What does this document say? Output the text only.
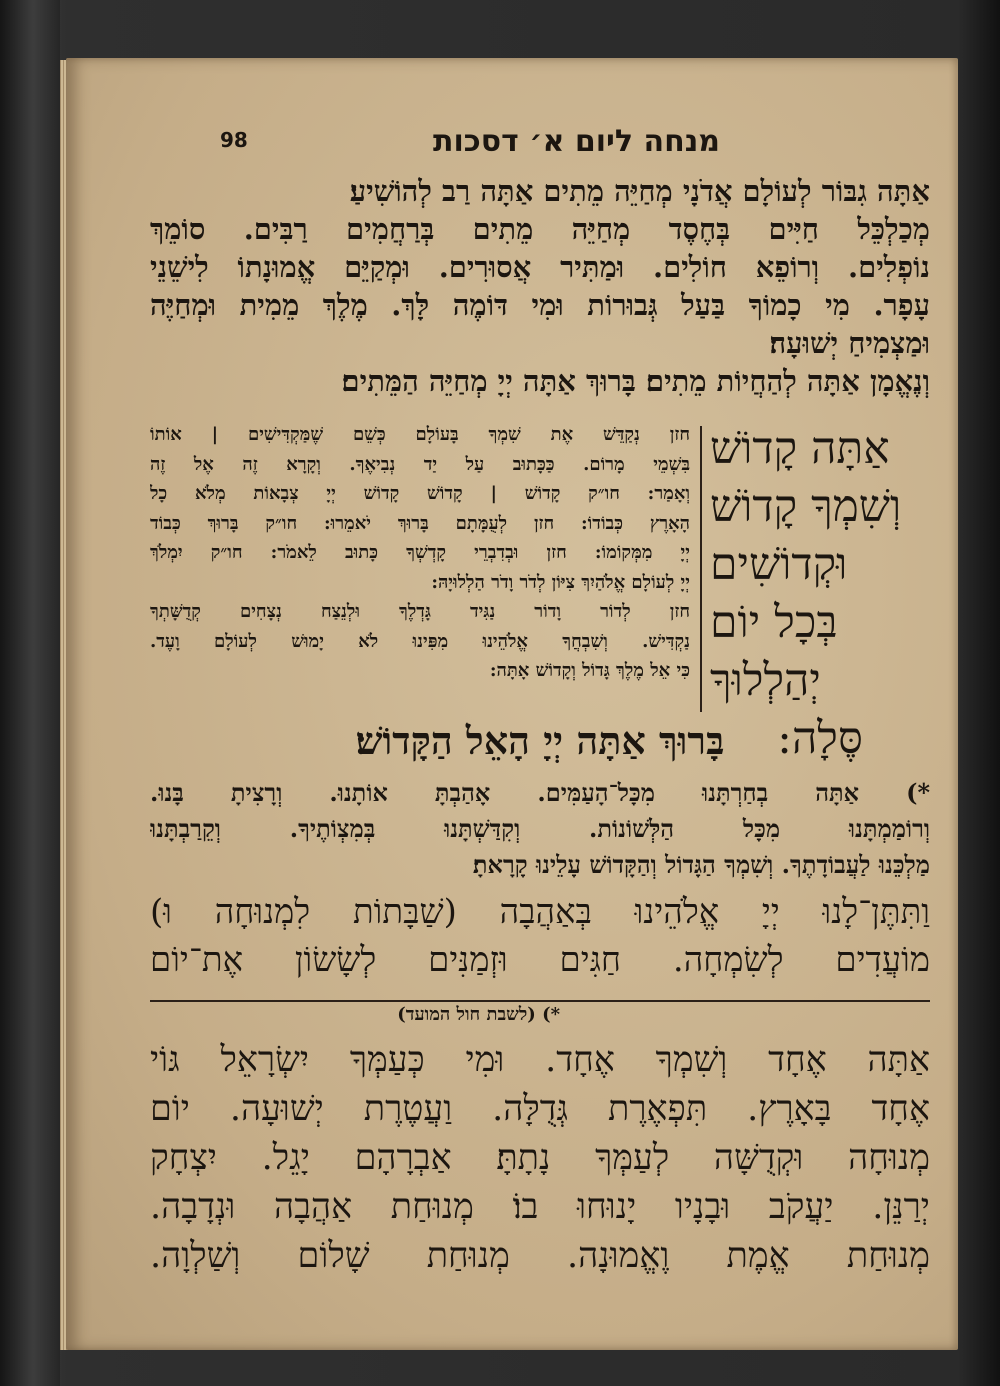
מנחה ליום א׳ דסכות
98
אַתָּה גִבּוֹר לְעוֹלָם אֲדֹנָי מְחַיֵּה מֵתִים אַתָּה רַב לְהוֹשִׁיעַ׃
מְכַלְכֵּל חַיִּים בְּחֶסֶד מְחַיֵּה מֵתִים בְּרַחֲמִים רַבִּים. סוֹמֵךְ
נוֹפְלִים. וְרוֹפֵא חוֹלִים. וּמַתִּיר אֲסוּרִים. וּמְקַיֵּם אֱמוּנָתוֹ לִישֵׁנֵי
עָפָר. מִי כָמוֹךָ בַּעַל גְּבוּרוֹת וּמִי דּוֹמֶה לָּךְ. מֶלֶךְ מֵמִית וּמְחַיֶּה
וּמַצְמִיחַ יְשׁוּעָה׃
וְנֶאֱמָן אַתָּה לְהַחֲיוֹת מֵתִים׃ בָּרוּךְ אַתָּה יְיָ מְחַיֵּה הַמֵּתִים׃
אַתָּה קָדוֹשׁ
וְשִׁמְךָ קָדוֹשׁ
וּקְדוֹשִׁים
בְּכָל יוֹם
יְהַלְלוּךָ
סֶּלָה:
חזן נְקַדֵּשׁ אֶת שִׁמְךָ בָּעוֹלָם כְּשֵׁם שֶׁמַּקְדִּישִׁים | אוֹתוֹ
בִּשְׁמֵי מָרוֹם. כַּכָּתוּב עַל יַד נְבִיאֶךָ. וְקָרָא זֶה אֶל זֶה
וְאָמַר: חו״ק קָדוֹשׁ | קָדוֹשׁ קָדוֹשׁ יְיָ צְבָאוֹת מְלֹא כָל
הָאָרֶץ כְּבוֹדוֹ: חזן לְעֻמָּתָם בָּרוּךְ יֹאמֵרוּ: חו״ק בָּרוּךְ כְּבוֹד
יְיָ מִמְּקוֹמוֹ: חזן וּבְדִבְרֵי קָדְשְׁךָ כָּתוּב לֵאמֹר: חו״ק יִמְלֹךְ
יְיָ לְעוֹלָם אֱלֹהַיִךְ צִיּוֹן לְדֹר וָדֹר הַלְלוּיָהּ:
חזן לְדוֹר וָדוֹר נַגִּיד גָּדְלֶךָ וּלְנֵצַח נְצָחִים קְדֻשָּׁתְךָ
נַקְדִּישׁ. וְשִׁבְחֲךָ אֱלֹהֵינוּ מִפִּינוּ לֹא יָמוּשׁ לְעוֹלָם וָעֶד.
כִּי אֵל מֶלֶךְ גָּדוֹל וְקָדוֹשׁ אָתָּה:
בָּרוּךְ אַתָּה יְיָ הָאֵל הַקָּדוֹשׁ׃
*) אַתָּה בְחַרְתָּנוּ מִכָּל־הָעַמִּים. אָהַבְתָּ אוֹתָנוּ. וְרָצִיתָ בָּנוּ.
וְרוֹמַמְתָּנוּ מִכָּל הַלְּשׁוֹנוֹת. וְקִדַּשְׁתָּנוּ בְּמִצְוֹתֶיךָ. וְקֵרַבְתָּנוּ
מַלְכֵּנוּ לַעֲבוֹדָתֶךָ. וְשִׁמְךָ הַגָּדוֹל וְהַקָּדוֹשׁ עָלֵינוּ קָרָאתָ׃
וַתִּתֶּן־לָנוּ יְיָ אֱלֹהֵינוּ בְּאַהֲבָה (שַׁבָּתוֹת לִמְנוּחָה וּ)
מוֹעֲדִים לְשִׂמְחָה. חַגִּים וּזְמַנִּים לְשָׂשׂוֹן אֶת־יוֹם
*) (לשבת חול המועד)
אַתָּה אֶחָד וְשִׁמְךָ אֶחָד. וּמִי כְּעַמְּךָ יִשְׂרָאֵל גּוֹי
אֶחָד בָּאָרֶץ. תִּפְאֶרֶת גְּדֻלָּה. וַעֲטֶרֶת יְשׁוּעָה. יוֹם
מְנוּחָה וּקְדֻשָּׁה לְעַמְּךָ נָתָתָּ׃ אַבְרָהָם יָגֵל. יִצְחָק
יְרַנֵּן. יַעֲקֹב וּבָנָיו יָנוּחוּ בוֹ׃ מְנוּחַת אַהֲבָה וּנְדָבָה.
מְנוּחַת אֱמֶת וֶאֱמוּנָה. מְנוּחַת שָׁלוֹם וְשַׁלְוָה.
